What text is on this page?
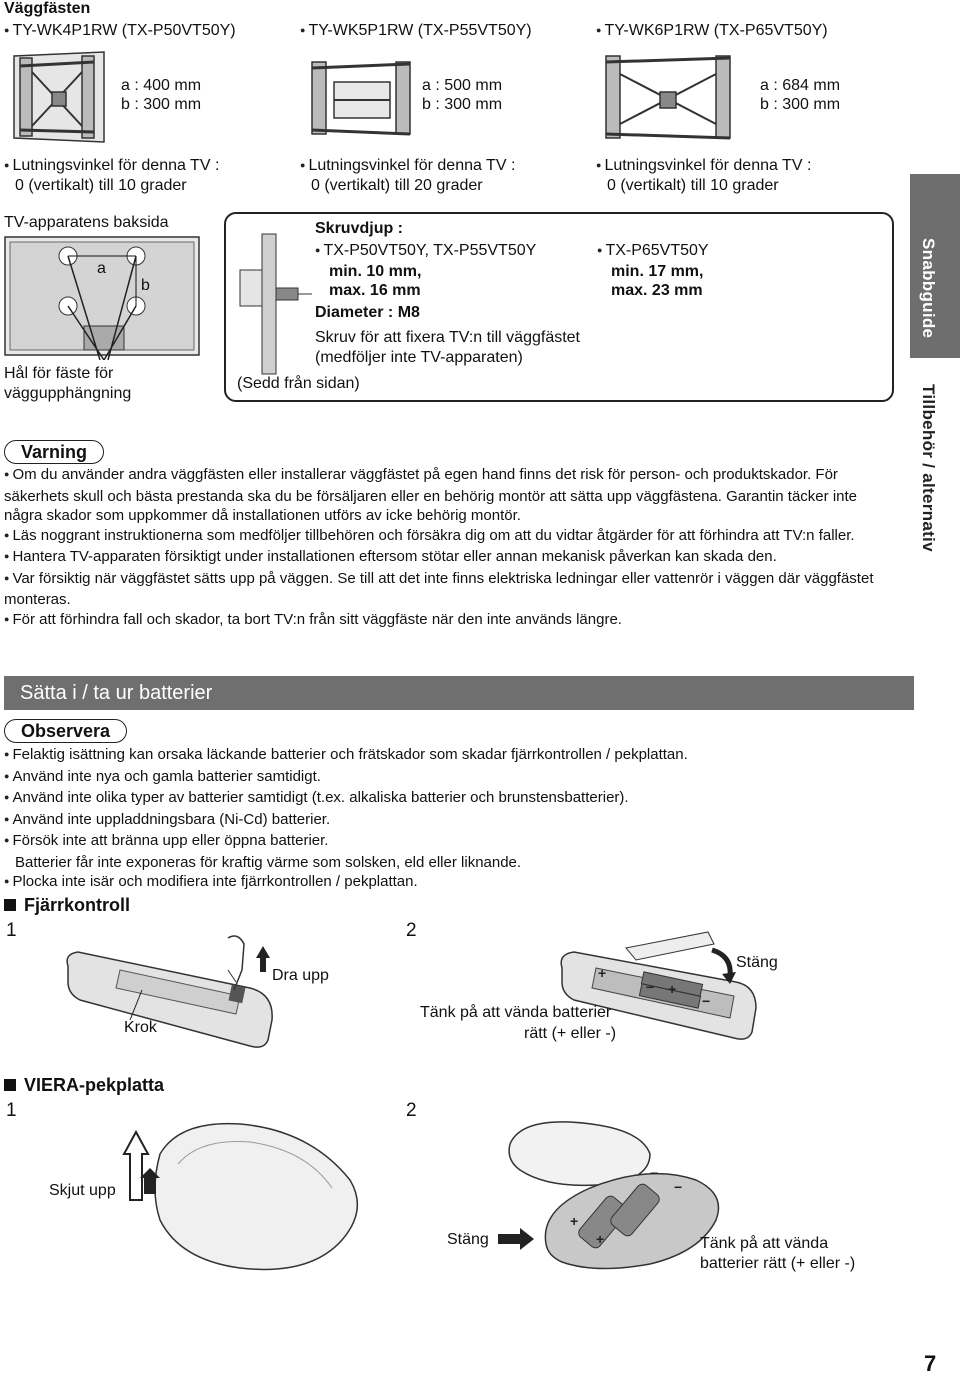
Väggfästen
● TY-WK4P1RW (TX-P50VT50Y)	● TY-WK5P1RW (TX-P55VT50Y)	● TY-WK6P1RW (TX-P65VT50Y)
a : 400 mm
b : 300 mm
a : 500 mm
b : 300 mm
a : 684 mm
b : 300 mm
● Lutningsvinkel för denna TV :
0 (vertikalt) till 10 grader
● Lutningsvinkel för denna TV :
0 (vertikalt) till 20 grader
● Lutningsvinkel för denna TV :
0 (vertikalt) till 10 grader
TV-apparatens baksida
a
b
Hål för fäste för
väggupphängning
Skruvdjup :
● TX-P50VT50Y, TX-P55VT50Y
min. 10 mm,
max. 16 mm
● TX-P65VT50Y
min. 17 mm,
max. 23 mm
Diameter : M8
Skruv för att fixera TV:n till väggfästet
(medföljer inte TV-apparaten)
(Sedd från sidan)
Varning
● Om du använder andra väggfästen eller installerar väggfästet på egen hand finns det risk för person- och produktskador. För säkerhets skull och bästa prestanda ska du be försäljaren eller en behörig montör att sätta upp väggfästena. Garantin täcker inte några skador som uppkommer då installationen utförs av icke behörig montör.
● Läs noggrant instruktionerna som medföljer tillbehören och försäkra dig om att du vidtar åtgärder för att förhindra att TV:n faller.
● Hantera TV-apparaten försiktigt under installationen eftersom stötar eller annan mekanisk påverkan kan skada den.
● Var försiktig när väggfästet sätts upp på väggen. Se till att det inte finns elektriska ledningar eller vattenrör i väggen där väggfästet monteras.
● För att förhindra fall och skador, ta bort TV:n från sitt väggfäste när den inte används längre.
Sätta i / ta ur batterier
Observera
● Felaktig isättning kan orsaka läckande batterier och frätskador som skadar fjärrkontrollen / pekplattan.
● Använd inte nya och gamla batterier samtidigt.
● Använd inte olika typer av batterier samtidigt (t.ex. alkaliska batterier och brunstensbatterier).
● Använd inte uppladdningsbara (Ni-Cd) batterier.
● Försök inte att bränna upp eller öppna batterier.
Batterier får inte exponeras för kraftig värme som solsken, eld eller liknande.
● Plocka inte isär och modifiera inte fjärrkontrollen / pekplattan.
Fjärrkontroll
1	2
Dra upp
Krok
+
− +
−
Stäng
Tänk på att vända batterier
rätt (+ eller -)
VIERA-pekplatta
1	2
Skjut upp
+
−
+
−
Stäng	Tänk på att vända
batterier rätt (+ eller -)
Snabbguide
Tillbehör / alternativ
7
